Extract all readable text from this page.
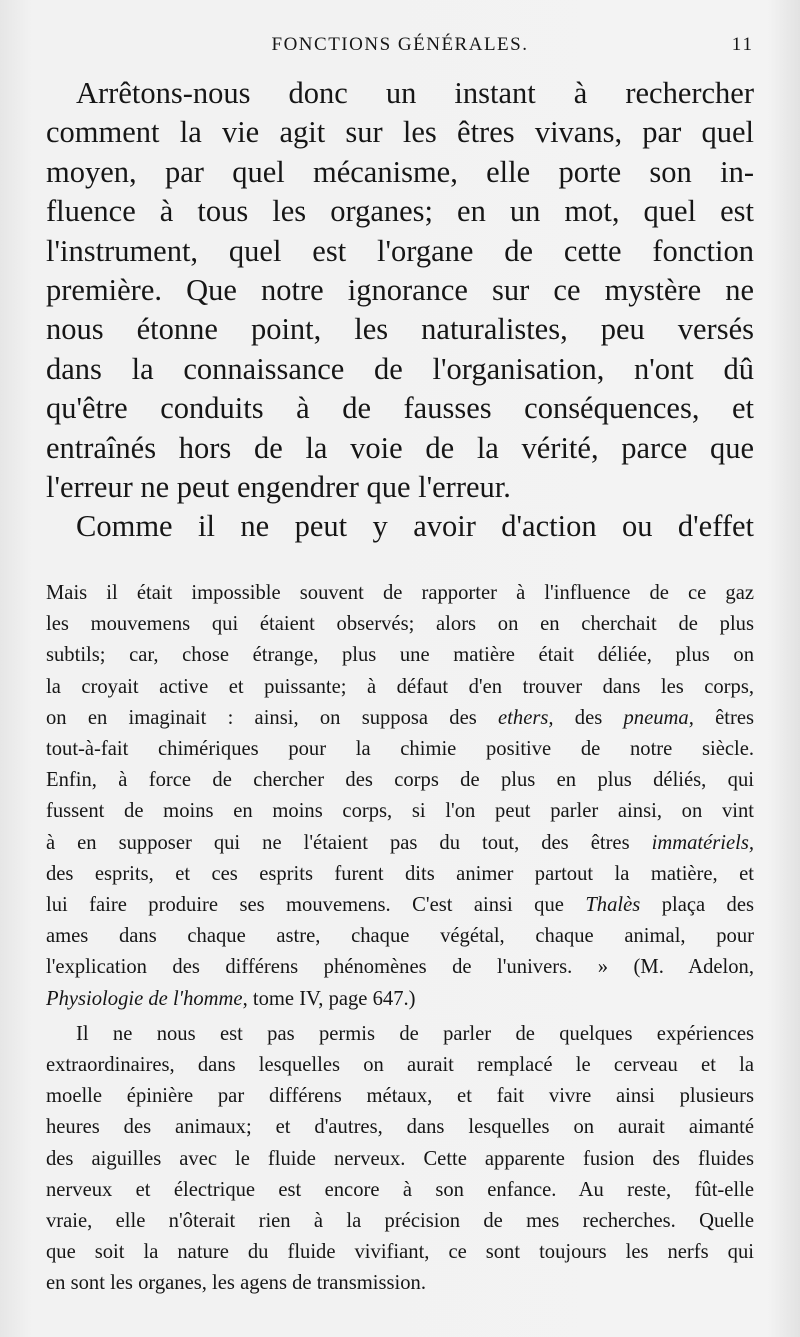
FONCTIONS GÉNÉRALES.	11

Arrêtons-nous donc un instant à rechercher
comment la vie agit sur les êtres vivans, par quel
moyen, par quel mécanisme, elle porte son in-
fluence à tous les organes; en un mot, quel est
l'instrument, quel est l'organe de cette fonction
première. Que notre ignorance sur ce mystère ne
nous étonne point, les naturalistes, peu versés
dans la connaissance de l'organisation, n'ont dû
qu'être conduits à de fausses conséquences, et
entraînés hors de la voie de la vérité, parce que
l'erreur ne peut engendrer que l'erreur.

Comme il ne peut y avoir d'action ou d'effet

Mais il était impossible souvent de rapporter à l'influence de ce gaz
les mouvemens qui étaient observés; alors on en cherchait de plus
subtils; car, chose étrange, plus une matière était déliée, plus on
la croyait active et puissante; à défaut d'en trouver dans les corps,
on en imaginait : ainsi, on supposa des ethers, des pneuma, êtres
tout-à-fait chimériques pour la chimie positive de notre siècle.
Enfin, à force de chercher des corps de plus en plus déliés, qui
fussent de moins en moins corps, si l'on peut parler ainsi, on vint
à en supposer qui ne l'étaient pas du tout, des êtres immatériels,
des esprits, et ces esprits furent dits animer partout la matière, et
lui faire produire ses mouvemens. C'est ainsi que Thalès plaça des
ames dans chaque astre, chaque végétal, chaque animal, pour
l'explication des différens phénomènes de l'univers. » (M. Adelon,
Physiologie de l'homme, tome IV, page 647.)

Il ne nous est pas permis de parler de quelques expériences
extraordinaires, dans lesquelles on aurait remplacé le cerveau et la
moelle épinière par différens métaux, et fait vivre ainsi plusieurs
heures des animaux; et d'autres, dans lesquelles on aurait aimanté
des aiguilles avec le fluide nerveux. Cette apparente fusion des fluides
nerveux et électrique est encore à son enfance. Au reste, fût-elle
vraie, elle n'ôterait rien à la précision de mes recherches. Quelle
que soit la nature du fluide vivifiant, ce sont toujours les nerfs qui
en sont les organes, les agens de transmission.
